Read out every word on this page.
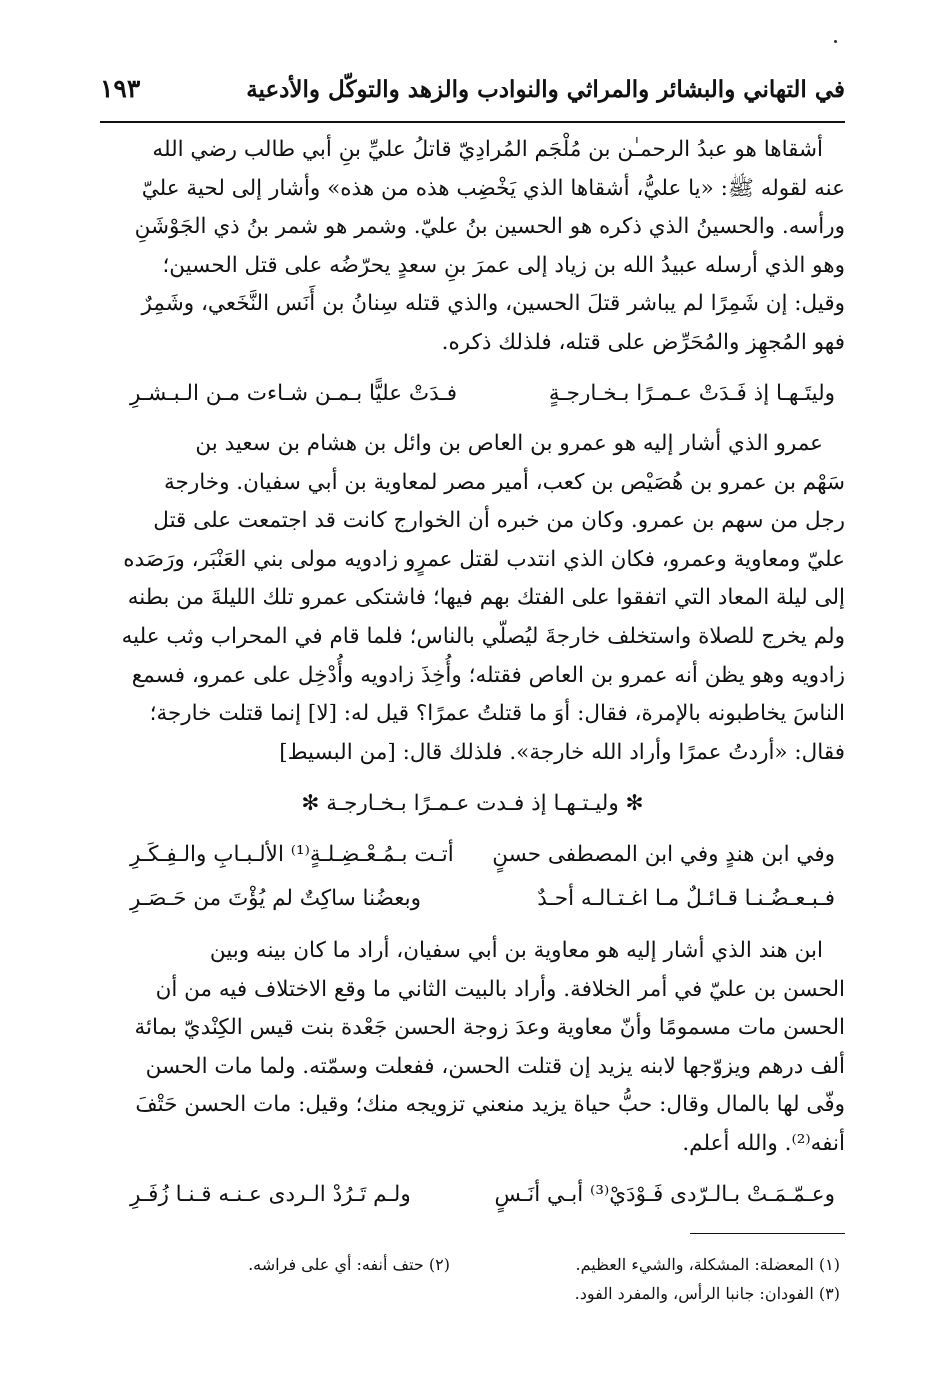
في التهاني والبشائر والمراثي والنوادب والزهد والتوكّل والأدعية
١٩٣
أشقاها هو عبدُ الرحمـٰن بن مُلْجَم المُرادِيّ قاتلُ عليِّ بنِ أبي طالب رضي الله
عنه لقوله ﷺ: «يا عليُّ، أشقاها الذي يَخْضِب هذه من هذه» وأشار إلى لحية عليّ
ورأسه. والحسينُ الذي ذكره هو الحسين بنُ عليّ. وشمر هو شمر بنُ ذي الجَوْشَنِ
وهو الذي أرسله عبيدُ الله بن زياد إلى عمرَ بنِ سعدٍ يحرّضُه على قتل الحسين؛
وقيل: إن شَمِرًا لم يباشر قتلَ الحسين، والذي قتله سِنانُ بن أَنَس النَّخَعي، وشَمِرٌ
فهو المُجهِز والمُحَرِّض على قتله، فلذلك ذكره.
وليتَـهـا إذ فَـدَتْ عـمـرًا بـخـارجـةٍ
فـدَتْ عليًّا بـمـن شـاءت مـن الـبـشـرِ
عمرو الذي أشار إليه هو عمرو بن العاص بن وائل بن هشام بن سعيد بن
سَهْم بن عمرو بن هُصَيْص بن كعب، أمير مصر لمعاوية بن أبي سفيان. وخارجة
رجل من سهم بن عمرو. وكان من خبره أن الخوارج كانت قد اجتمعت على قتل
عليّ ومعاوية وعمرو، فكان الذي انتدب لقتل عمرٍو زادويه مولى بني العَنْبَر، ورَصَده
إلى ليلة المعاد التي اتفقوا على الفتك بهم فيها؛ فاشتكى عمرو تلك الليلةَ من بطنه
ولم يخرج للصلاة واستخلف خارجةَ ليُصلّي بالناس؛ فلما قام في المحراب وثب عليه
زادويه وهو يظن أنه عمرو بن العاص فقتله؛ وأُخِذَ زادويه وأُدْخِل على عمرو، فسمع
الناسَ يخاطبونه بالإمرة، فقال: أوَ ما قتلتُ عمرًا؟ قيل له: [لا] إنما قتلت خارجة؛
فقال: «أردتُ عمرًا وأراد الله خارجة». فلذلك قال: [من البسيط]
✻ وليـتـهـا إذ فـدت عـمـرًا بـخـارجـة ✻
وفي ابن هندٍ وفي ابن المصطفى حسنٍ
أتـت بـمُـعْـضِـلـةٍ⁽¹⁾ الألـبـابِ والـفِـكَـرِ
فـبـعـضُـنـا قـائـلٌ مـا اغـتـالـه أحـدٌ
وبعضُنا ساكِتٌ لم يُؤْتَ من حَـصَـرِ
ابن هند الذي أشار إليه هو معاوية بن أبي سفيان، أراد ما كان بينه وبين
الحسن بن عليّ في أمر الخلافة. وأراد بالبيت الثاني ما وقع الاختلاف فيه من أن
الحسن مات مسمومًا وأنّ معاوية وعدَ زوجة الحسن جَعْدة بنت قيس الكِنْديّ بمائة
ألف درهم ويزوّجها لابنه يزيد إن قتلت الحسن، ففعلت وسمّته. ولما مات الحسن
وفّى لها بالمال وقال: حبُّ حياة يزيد منعني تزويجه منك؛ وقيل: مات الحسن حَتْفَ
أنفه⁽²⁾. والله أعلم.
وعـمّـمَـتْ بـالـرّدى فَـوْدَيْ⁽³⁾ أبـي أنَـسٍ
ولـم تَـرُدْ الـردى عـنـه قـنـا زُفَـرِ
(١) المعضلة: المشكلة، والشيء العظيم.
(٢) حتف أنفه: أي على فراشه.
(٣) الفودان: جانبا الرأس، والمفرد الفود.
